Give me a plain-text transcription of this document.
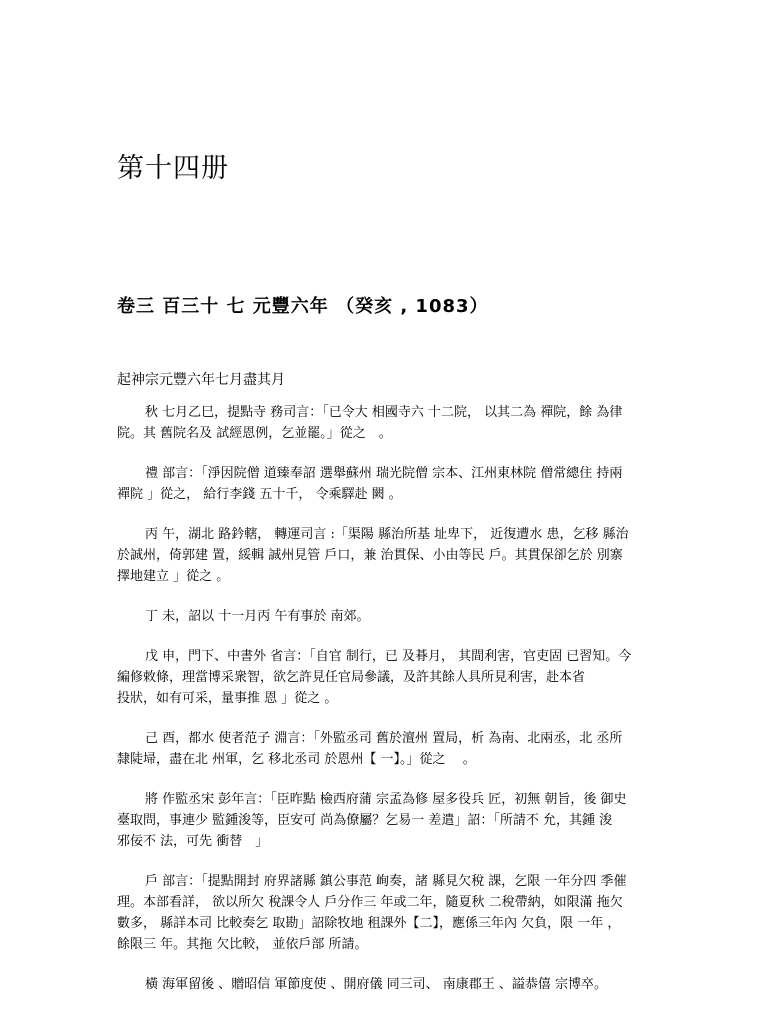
第十四册
卷三 百三十 七 元豐六年 （癸亥 , 1083）

起神宗元豐六年七月盡其月

秋 七月乙巳，提點寺 務司言：「已令大 相國寺六 十二院， 以其二為 禪院，餘 為律
院。其 舊院名及 試經恩例，乞並罷。」從之　。

禮 部言：「淨因院僧 道臻奉詔 選舉蘇州 瑞光院僧 宗本、江州東林院 僧常總住 持兩
禪院 」從之， 給行李錢 五十千， 令乘驛赴 闕 。

丙 午，湖北 路鈐轄， 轉運司言 :「渠陽 縣治所基 址卑下， 近復遭水 患，乞移 縣治
於誠州，倚郭建 置，綏輯 誠州見管 戶口，兼 治貫保、小由等民 戶。其貫保卻乞於 別寨
擇地建立 」從之 。

丁 未，詔以 十一月丙 午有事於 南郊。

戊 申，門下、中書外 省言：「自官 制行，已 及朞月， 其間利害，官吏固 已習知。今
編修敕條，理當博采衆智，欲乞許見任官局參議，及許其餘人具所見利害，赴本省
投狀，如有可采，量事推 恩 」從之 。

己 酉，都水 使者范子 淵言：「外監丞司 舊於澶州 置局，析 為南、北兩丞，北 丞所
隸陡埽，盡在北 州軍，乞 移北丞司 於恩州【 一】。」從之　 。

將 作監丞宋 彭年言：「臣昨點 檢西府蒲 宗孟為修 屋多役兵 匠，初無 朝旨，後 御史
臺取問，事連少 監鍾浚等，臣安可 尚為僚屬？乞易一 差遣」詔：「所請不 允，其鍾 浚
邪佞不 法，可先 衝替　」

戶 部言：「提點開封 府界諸縣 鎮公事范 峋奏，諸 縣見欠稅 課，乞限 一年分四 季催
理。本部看詳， 欲以所欠 稅課令人 戶分作三 年或二年，隨夏秋 二稅帶納，如限滿 拖欠
數多， 縣詳本司 比較奏乞 取勘」詔除牧地 租課外【二】，應係三年內 欠負，限 一年 ，
餘限三 年。其拖 欠比較， 並依戶部 所請。

橫 海軍留後 、贈昭信 軍節度使 、開府儀 同三司、 南康郡王 、謚恭僖 宗博卒。
